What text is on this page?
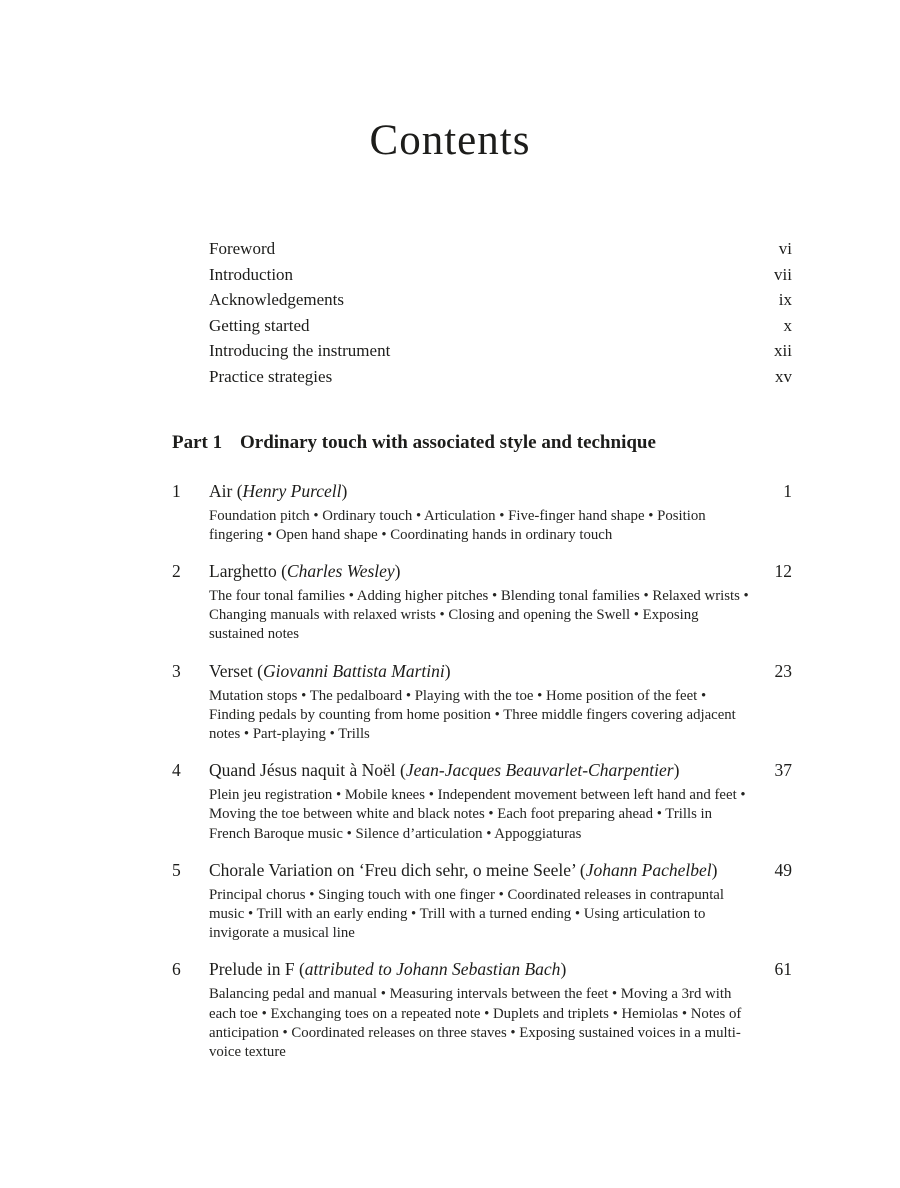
Contents
Foreword	vi
Introduction	vii
Acknowledgements	ix
Getting started	x
Introducing the instrument	xii
Practice strategies	xv
Part 1 Ordinary touch with associated style and technique
1	Air (Henry Purcell)	1
Foundation pitch • Ordinary touch • Articulation • Five-finger hand shape • Position fingering • Open hand shape • Coordinating hands in ordinary touch
2	Larghetto (Charles Wesley)	12
The four tonal families • Adding higher pitches • Blending tonal families • Relaxed wrists • Changing manuals with relaxed wrists • Closing and opening the Swell • Exposing sustained notes
3	Verset (Giovanni Battista Martini)	23
Mutation stops • The pedalboard • Playing with the toe • Home position of the feet • Finding pedals by counting from home position • Three middle fingers covering adjacent notes • Part-playing • Trills
4	Quand Jésus naquit à Noël (Jean-Jacques Beauvarlet-Charpentier)	37
Plein jeu registration • Mobile knees • Independent movement between left hand and feet • Moving the toe between white and black notes • Each foot preparing ahead • Trills in French Baroque music • Silence d’articulation • Appoggiaturas
5	Chorale Variation on ‘Freu dich sehr, o meine Seele’ (Johann Pachelbel)	49
Principal chorus • Singing touch with one finger • Coordinated releases in contrapuntal music • Trill with an early ending • Trill with a turned ending • Using articulation to invigorate a musical line
6	Prelude in F (attributed to Johann Sebastian Bach)	61
Balancing pedal and manual • Measuring intervals between the feet • Moving a 3rd with each toe • Exchanging toes on a repeated note • Duplets and triplets • Hemiolas • Notes of anticipation • Coordinated releases on three staves • Exposing sustained voices in a multi-voice texture
